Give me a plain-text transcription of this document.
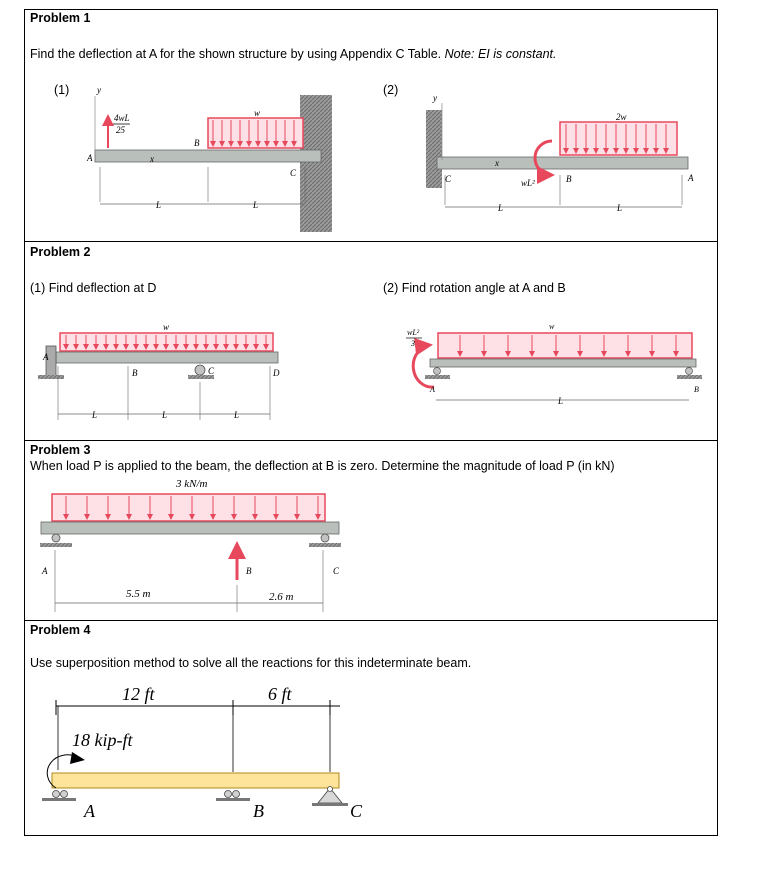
Problem 1
Find the deflection at A for the shown structure by using Appendix C Table. Note: EI is constant.
(1)	(2)
Problem 2
(1) Find deflection at D	(2) Find rotation angle at A and B
Problem 3
When load P is applied to the beam, the deflection at B is zero. Determine the magnitude of load P (in kN)
Problem 4
Use superposition method to solve all the reactions for this indeterminate beam.
y
4wL
25
w
x
A
B
C
L	L
y
2w
x
C	B	A
wL²
L	L
w
A
B	C	D
L	L	L
wL²
3
w
A	B
L
3 kN/m
A	B	C
5.5 m	2.6 m
12 ft	6 ft
18 kip-ft
A	B	C
